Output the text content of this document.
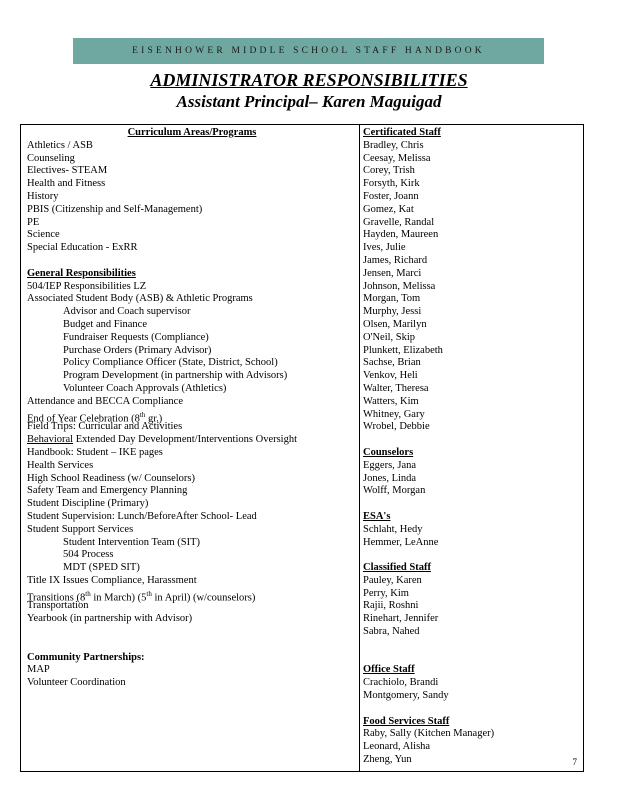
EISENHOWER MIDDLE SCHOOL STAFF HANDBOOK
ADMINISTRATOR RESPONSIBILITIES
Assistant Principal– Karen Maguigad
Curriculum Areas/Programs
Athletics / ASB
Counseling
Electives- STEAM
Health and Fitness
History
PBIS (Citizenship and Self-Management)
PE
Science
Special Education - ExRR
General Responsibilities
504/IEP Responsibilities LZ
Associated Student Body (ASB) & Athletic Programs
Advisor and Coach supervisor
Budget and Finance
Fundraiser Requests (Compliance)
Purchase Orders (Primary Advisor)
Policy Compliance Officer (State, District, School)
Program Development (in partnership with Advisors)
Volunteer Coach Approvals (Athletics)
Attendance and BECCA Compliance
End of Year Celebration (8th gr.)
Field Trips: Curricular and Activities
Behavioral Extended Day Development/Interventions Oversight
Handbook: Student – IKE pages
Health Services
High School Readiness (w/ Counselors)
Safety Team and Emergency Planning
Student Discipline (Primary)
Student Supervision: Lunch/BeforeAfter School- Lead
Student Support Services
Student Intervention Team (SIT)
504 Process
MDT (SPED SIT)
Title IX Issues Compliance, Harassment
Transitions (8th in March) (5th in April) (w/counselors)
Transportation
Yearbook (in partnership with Advisor)
Community Partnerships:
MAP
Volunteer Coordination
Certificated Staff
Bradley, Chris
Ceesay, Melissa
Corey, Trish
Forsyth, Kirk
Foster, Joann
Gomez, Kat
Gravelle, Randal
Hayden, Maureen
Ives, Julie
James, Richard
Jensen, Marci
Johnson, Melissa
Morgan, Tom
Murphy, Jessi
Olsen, Marilyn
O'Neil, Skip
Plunkett, Elizabeth
Sachse, Brian
Venkov, Heli
Walter, Theresa
Watters, Kim
Whitney, Gary
Wrobel, Debbie
Counselors
Eggers, Jana
Jones, Linda
Wolff, Morgan
ESA's
Schlaht, Hedy
Hemmer, LeAnne
Classified Staff
Pauley, Karen
Perry, Kim
Rajii, Roshni
Rinehart, Jennifer
Sabra, Nahed
Office Staff
Crachiolo, Brandi
Montgomery, Sandy
Food Services Staff
Raby, Sally (Kitchen Manager)
Leonard, Alisha
Zheng, Yun	7
